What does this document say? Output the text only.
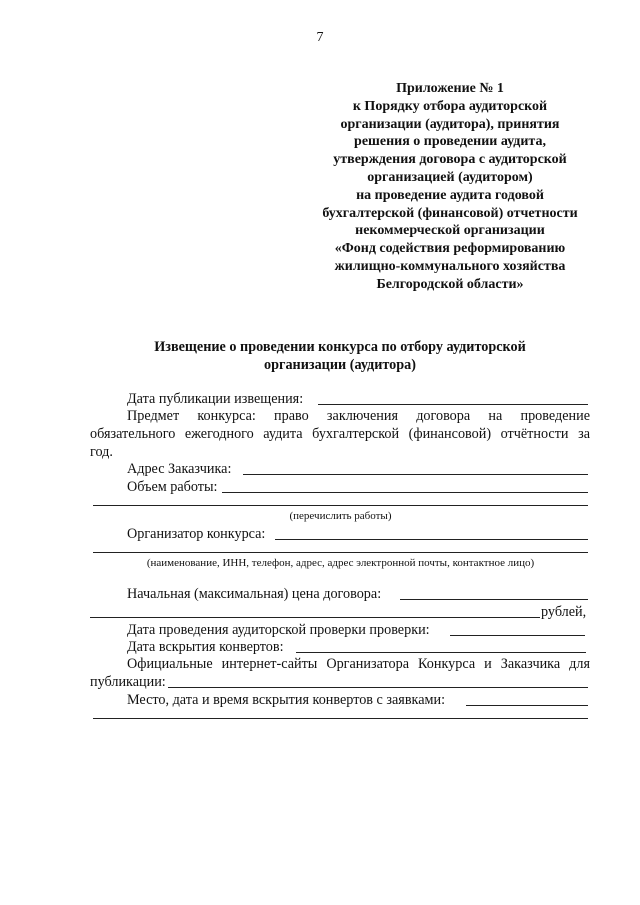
7
Приложение № 1
к Порядку отбора аудиторской
организации (аудитора), принятия
решения о проведении аудита,
утверждения договора с аудиторской
организацией (аудитором)
на проведение аудита годовой
бухгалтерской (финансовой) отчетности
некоммерческой организации
«Фонд содействия реформированию
жилищно-коммунального хозяйства
Белгородской области»
Извещение о проведении конкурса по отбору аудиторской
организации (аудитора)
Дата публикации извещения:
Предмет конкурса: право заключения договора на проведение
обязательного ежегодного аудита бухгалтерской (финансовой) отчётности за
год.
Адрес Заказчика:
Объем работы:
(перечислить работы)
Организатор конкурса:
(наименование, ИНН, телефон, адрес, адрес электронной почты, контактное лицо)
Начальная (максимальная) цена договора:
рублей,
Дата проведения аудиторской проверки проверки:
Дата вскрытия конвертов:
Официальные интернет-сайты Организатора Конкурса и Заказчика для
публикации:
Место, дата и время вскрытия конвертов с заявками:
